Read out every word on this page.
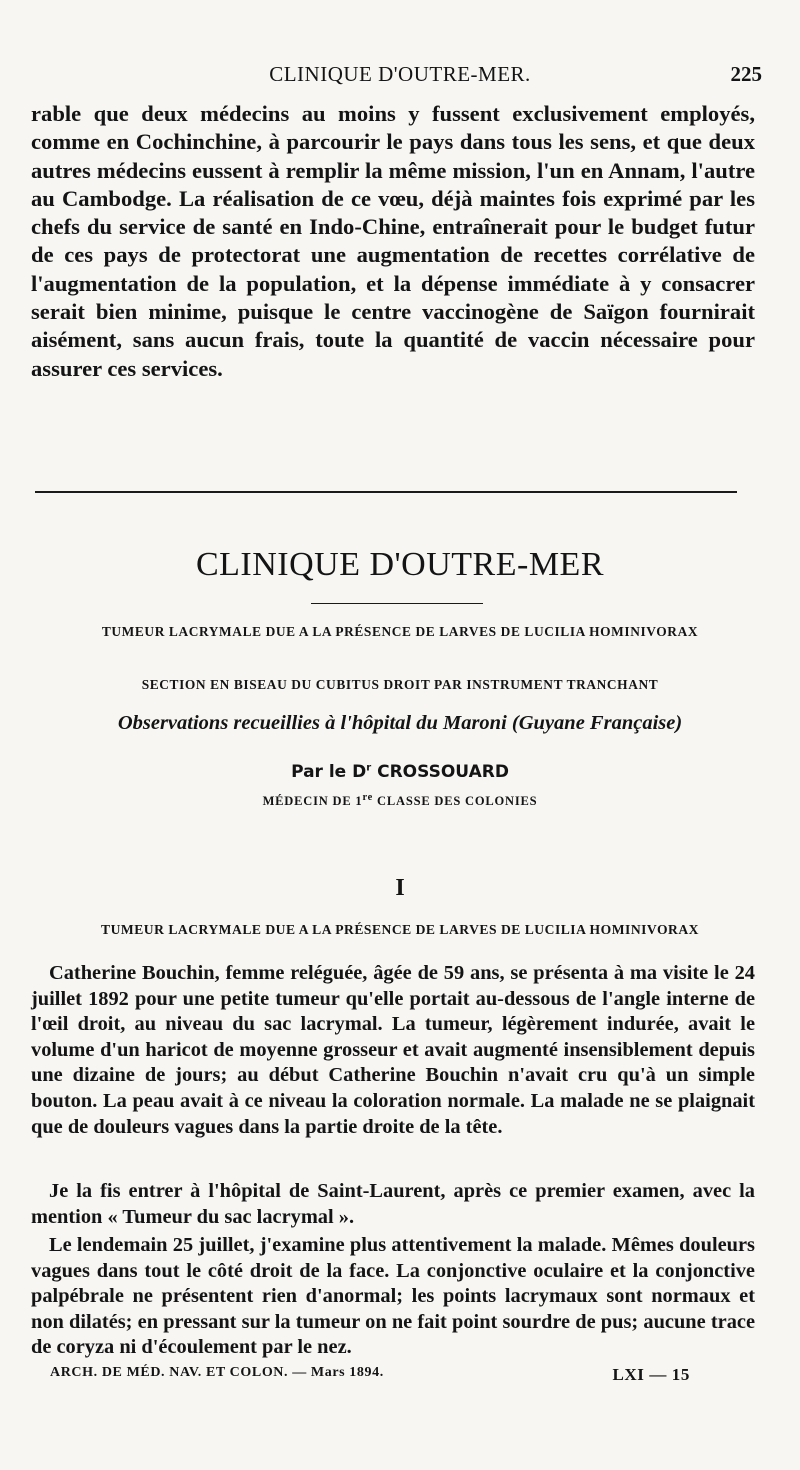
CLINIQUE D'OUTRE-MER.	225

rable que deux médecins au moins y fussent exclusivement employés, comme en Cochinchine, à parcourir le pays dans tous les sens, et que deux autres médecins eussent à remplir la même mission, l'un en Annam, l'autre au Cambodge. La réalisation de ce vœu, déjà maintes fois exprimé par les chefs du service de santé en Indo-Chine, entraînerait pour le budget futur de ces pays de protectorat une augmentation de recettes corrélative de l'augmentation de la population, et la dépense immédiate à y consacrer serait bien minime, puisque le centre vaccinogène de Saïgon fournirait aisément, sans aucun frais, toute la quantité de vaccin nécessaire pour assurer ces services.

CLINIQUE D'OUTRE-MER
TUMEUR LACRYMALE DUE A LA PRÉSENCE DE LARVES DE LUCILIA HOMINIVORAX
SECTION EN BISEAU DU CUBITUS DROIT PAR INSTRUMENT TRANCHANT
Observations recueillies à l'hôpital du Maroni (Guyane Française)
Par le $D^r$ CROSSOUARD
MÉDECIN DE 1re CLASSE DES COLONIES
I
TUMEUR LACRYMALE DUE A LA PRÉSENCE DE LARVES DE LUCILIA HOMINIVORAX

Catherine Bouchin, femme reléguée, âgée de 59 ans, se présenta à ma visite le 24 juillet 1892 pour une petite tumeur qu'elle portait au-dessous de l'angle interne de l'œil droit, au niveau du sac lacrymal. La tumeur, légèrement indurée, avait le volume d'un haricot de moyenne grosseur et avait augmenté insensiblement depuis une dizaine de jours; au début Catherine Bouchin n'avait cru qu'à un simple bouton. La peau avait à ce niveau la coloration normale. La malade ne se plaignait que de douleurs vagues dans la partie droite de la tête.

Je la fis entrer à l'hôpital de Saint-Laurent, après ce premier examen, avec la mention « Tumeur du sac lacrymal ».

Le lendemain 25 juillet, j'examine plus attentivement la malade. Mêmes douleurs vagues dans tout le côté droit de la face. La conjonctive oculaire et la conjonctive palpébrale ne présentent rien d'anormal; les points lacrymaux sont normaux et non dilatés; en pressant sur la tumeur on ne fait point sourdre de pus; aucune trace de coryza ni d'écoulement par le nez.

ARCH. DE MÉD. NAV. ET COLON. — Mars 1894.	LXI — 15
